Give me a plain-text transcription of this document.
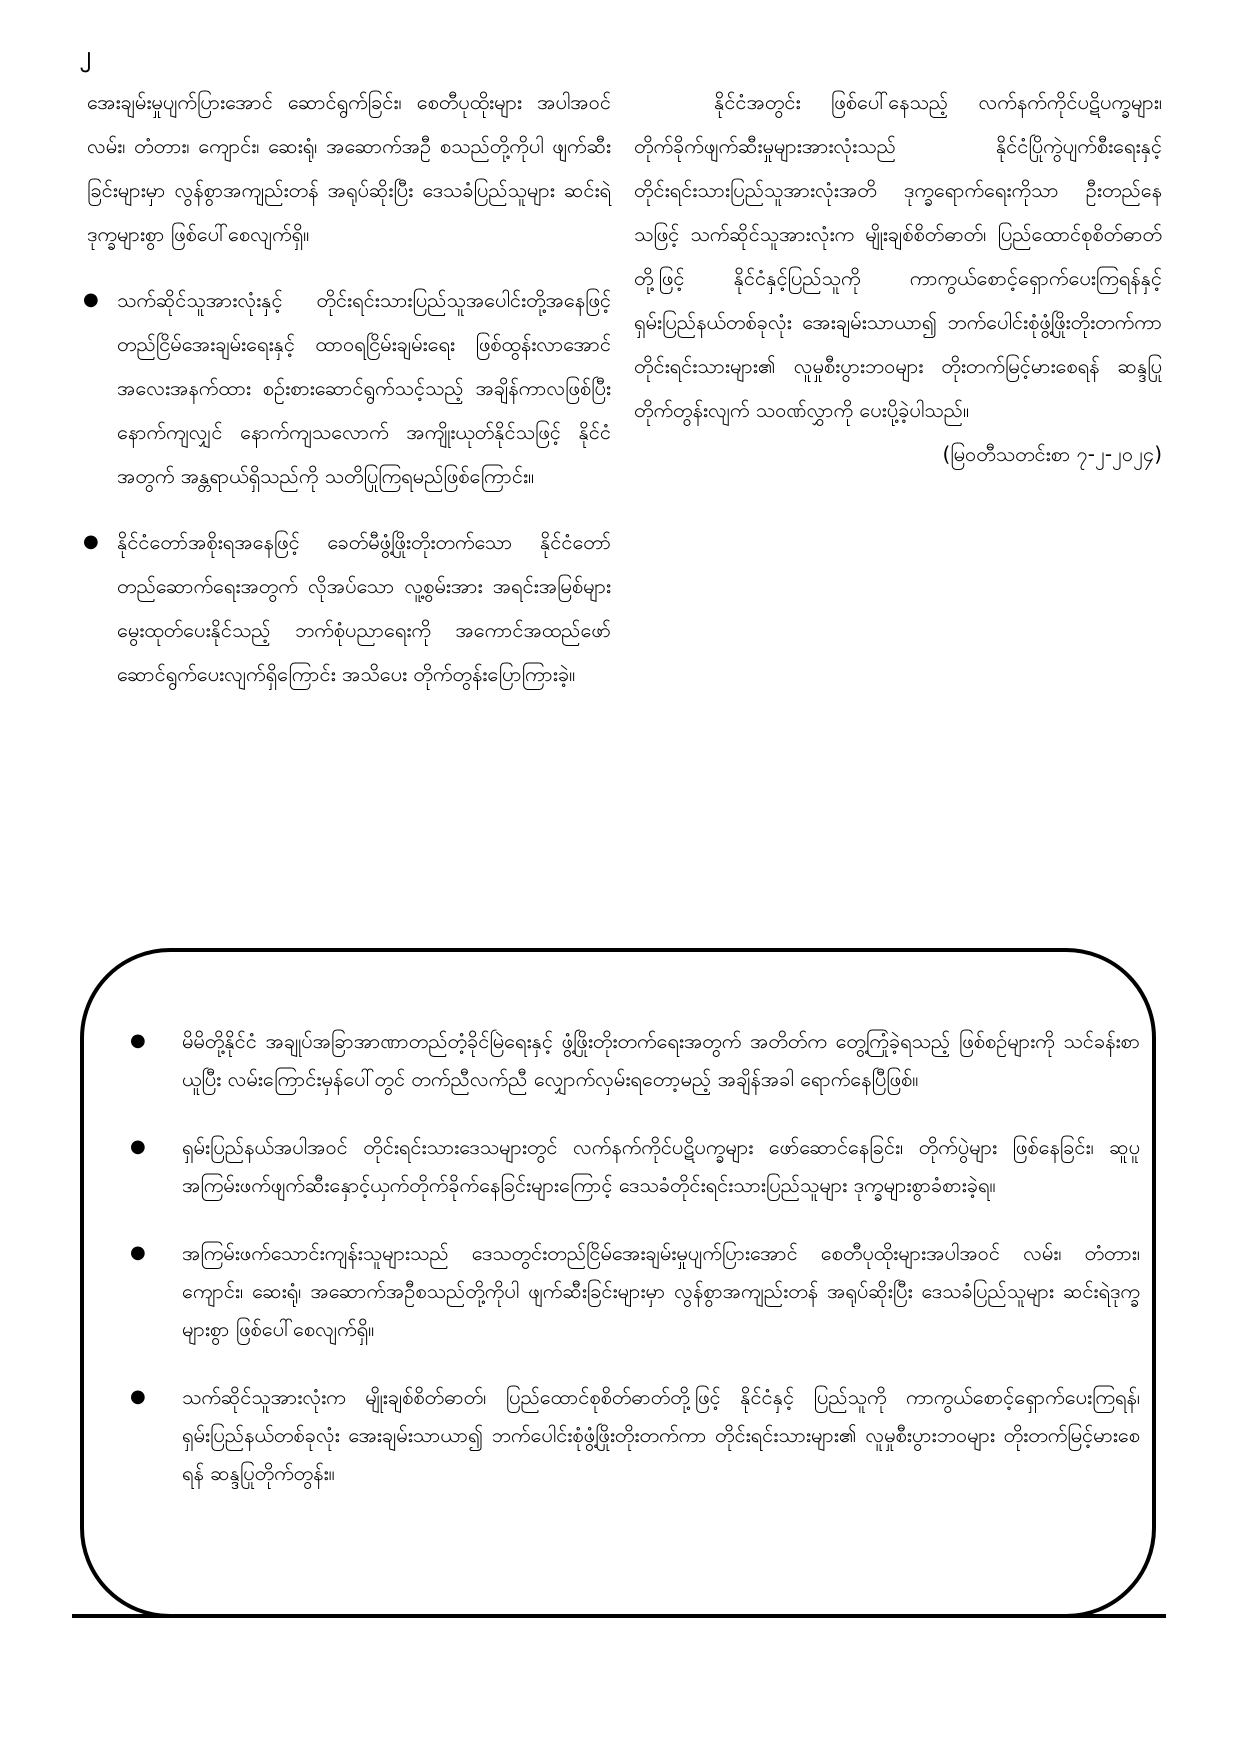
၂

အေးချမ်းမှုပျက်ပြားအောင် ဆောင်ရွက်ခြင်း၊ စေတီပုထိုးများ အပါအဝင် လမ်း၊ တံတား၊ ကျောင်း၊ ဆေးရုံ၊ အဆောက်အဦ စသည်တို့ကိုပါ ဖျက်ဆီးခြင်းများမှာ လွန်စွာအကျည်းတန် အရုပ်ဆိုးပြီး ဒေသခံပြည်သူများ ဆင်းရဲဒုက္ခများစွာ ဖြစ်ပေါ်စေလျက်ရှိ။

● သက်ဆိုင်သူအားလုံးနှင့် တိုင်းရင်းသားပြည်သူအပေါင်းတို့အနေဖြင့် တည်ငြိမ်အေးချမ်းရေးနှင့် ထာဝရငြိမ်းချမ်းရေး ဖြစ်ထွန်းလာအောင် အလေးအနက်ထား စဉ်းစားဆောင်ရွက်သင့်သည့် အချိန်ကာလဖြစ်ပြီး နောက်ကျလျှင် နောက်ကျသလောက် အကျိုးယုတ်နိုင်သဖြင့် နိုင်ငံအတွက် အန္တရာယ်ရှိသည်ကို သတိပြုကြရမည်ဖြစ်ကြောင်း။

● နိုင်ငံတော်အစိုးရအနေဖြင့် ခေတ်မီဖွံ့ဖြိုးတိုးတက်သော နိုင်ငံတော်တည်ဆောက်ရေးအတွက် လိုအပ်သော လူ့စွမ်းအား အရင်းအမြစ်များ မွေးထုတ်ပေးနိုင်သည့် ဘက်စုံပညာရေးကို အကောင်အထည်ဖော် ဆောင်ရွက်ပေးလျက်ရှိကြောင်း အသိပေး တိုက်တွန်းပြောကြားခဲ့။

နိုင်ငံအတွင်း ဖြစ်ပေါ်နေသည့် လက်နက်ကိုင်ပဋိပက္ခများ၊ တိုက်ခိုက်ဖျက်ဆီးမှုများအားလုံးသည် နိုင်ငံပြိုကွဲပျက်စီးရေးနှင့် တိုင်းရင်းသားပြည်သူအားလုံးအတိ ဒုက္ခရောက်ရေးကိုသာ ဦးတည်နေသဖြင့် သက်ဆိုင်သူအားလုံးက မျိုးချစ်စိတ်ဓာတ်၊ ပြည်ထောင်စုစိတ်ဓာတ်တို့ဖြင့် နိုင်ငံနှင့်ပြည်သူကို ကာကွယ်စောင့်ရှောက်ပေးကြရန်နှင့် ရှမ်းပြည်နယ်တစ်ခုလုံး အေးချမ်းသာယာ၍ ဘက်ပေါင်းစုံဖွံ့ဖြိုးတိုးတက်ကာ တိုင်းရင်းသားများ၏ လူမှုစီးပွားဘဝများ တိုးတက်မြင့်မားစေရန် ဆန္ဒပြုတိုက်တွန်းလျက် သဝဏ်လွှာကို ပေးပို့ခဲ့ပါသည်။

(မြဝတီသတင်းစာ ၇-၂-၂၀၂၄)

● မိမိတို့နိုင်ငံ အချုပ်အခြာအာဏာတည်တံ့ခိုင်မြဲရေးနှင့် ဖွံ့ဖြိုးတိုးတက်ရေးအတွက် အတိတ်က တွေ့ကြုံခဲ့ရသည့် ဖြစ်စဉ်များကို သင်ခန်းစာယူပြီး လမ်းကြောင်းမှန်ပေါ်တွင် တက်ညီလက်ညီ လျှောက်လှမ်းရတော့မည့် အချိန်အခါ ရောက်နေပြီဖြစ်။

● ရှမ်းပြည်နယ်အပါအဝင် တိုင်းရင်းသားဒေသများတွင် လက်နက်ကိုင်ပဋိပက္ခများ ဖော်ဆောင်နေခြင်း၊ တိုက်ပွဲများ ဖြစ်နေခြင်း၊ ဆူပူအကြမ်းဖက်ဖျက်ဆီးနှောင့်ယှက်တိုက်ခိုက်နေခြင်းများကြောင့် ဒေသခံတိုင်းရင်းသားပြည်သူများ ဒုက္ခများစွာခံစားခဲ့ရ။

● အကြမ်းဖက်သောင်းကျန်းသူများသည် ဒေသတွင်းတည်ငြိမ်အေးချမ်းမှုပျက်ပြားအောင် စေတီပုထိုးများအပါအဝင် လမ်း၊ တံတား၊ ကျောင်း၊ ဆေးရုံ၊ အဆောက်အဦစသည်တို့ကိုပါ ဖျက်ဆီးခြင်းများမှာ လွန်စွာအကျည်းတန် အရုပ်ဆိုးပြီး ဒေသခံပြည်သူများ ဆင်းရဲဒုက္ခများစွာ ဖြစ်ပေါ်စေလျက်ရှိ။

● သက်ဆိုင်သူအားလုံးက မျိုးချစ်စိတ်ဓာတ်၊ ပြည်ထောင်စုစိတ်ဓာတ်တို့ဖြင့် နိုင်ငံနှင့် ပြည်သူကို ကာကွယ်စောင့်ရှောက်ပေးကြရန်၊ ရှမ်းပြည်နယ်တစ်ခုလုံး အေးချမ်းသာယာ၍ ဘက်ပေါင်းစုံဖွံ့ဖြိုးတိုးတက်ကာ တိုင်းရင်းသားများ၏ လူမှုစီးပွားဘဝများ တိုးတက်မြင့်မားစေရန် ဆန္ဒပြုတိုက်တွန်း။
